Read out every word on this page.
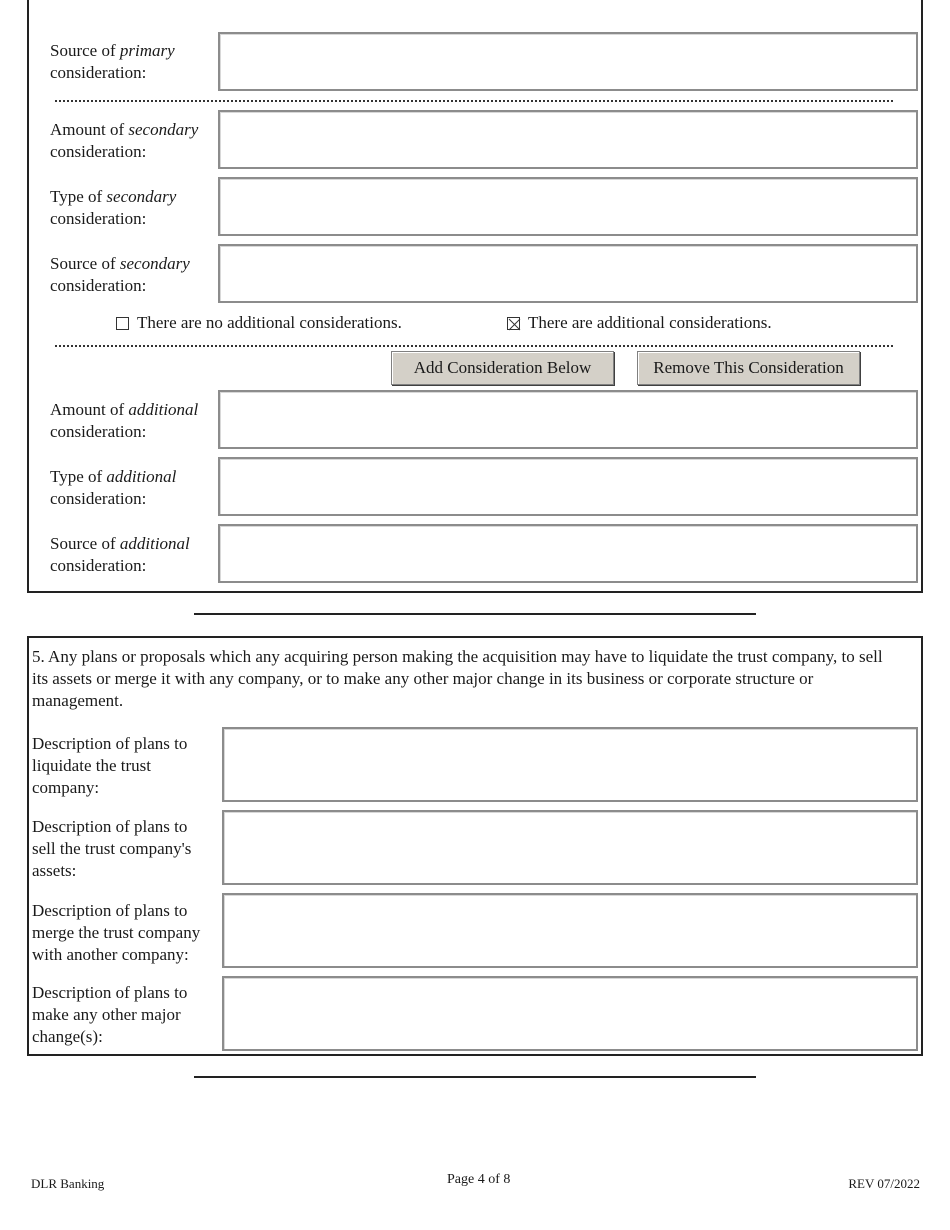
Source of primary
consideration:
Amount of secondary
consideration:
Type of secondary
consideration:
Source of secondary
consideration:
There are no additional considerations.	There are additional considerations.
Add Consideration Below	Remove This Consideration
Amount of additional
consideration:
Type of additional
consideration:
Source of additional
consideration:
5. Any plans or proposals which any acquiring person making the acquisition may have to liquidate the trust company, to sell its assets or merge it with any company, or to make any other major change in its business or corporate structure or management.
Description of plans to
liquidate the trust
company:
Description of plans to
sell the trust company's
assets:
Description of plans to
merge the trust company
with another company:
Description of plans to
make any other major
change(s):
DLR Banking	Page 4 of 8	REV 07/2022
